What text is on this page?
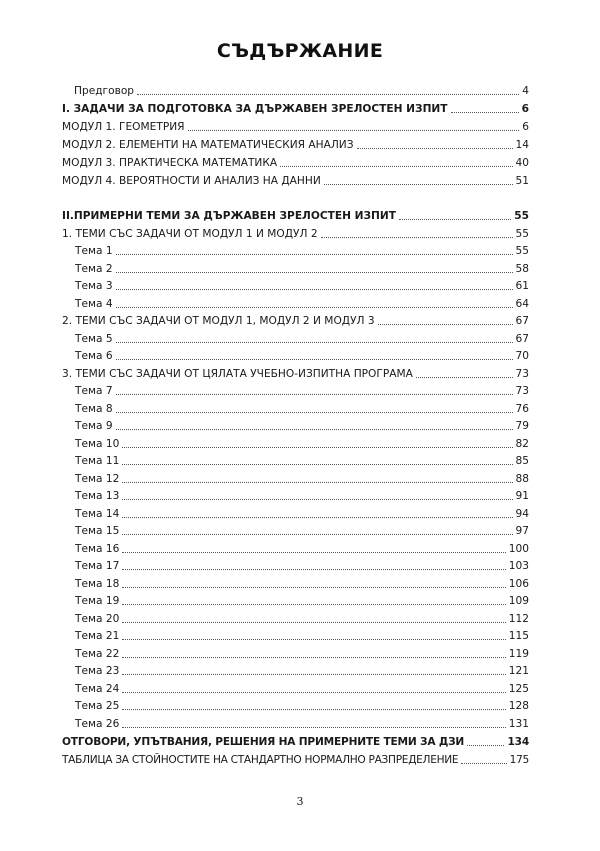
СЪДЪРЖАНИЕ
Предговор	4
I. ЗАДАЧИ ЗА ПОДГОТОВКА ЗА ДЪРЖАВЕН ЗРЕЛОСТЕН ИЗПИТ	6
МОДУЛ 1. ГЕОМЕТРИЯ	6
МОДУЛ 2. ЕЛЕМЕНТИ НА МАТЕМАТИЧЕСКИЯ АНАЛИЗ	14
МОДУЛ 3. ПРАКТИЧЕСКА МАТЕМАТИКА	40
МОДУЛ 4. ВЕРОЯТНОСТИ И АНАЛИЗ НА ДАННИ	51
II.ПРИМЕРНИ ТЕМИ ЗА ДЪРЖАВЕН ЗРЕЛОСТЕН ИЗПИТ	55
1. ТЕМИ СЪС ЗАДАЧИ ОТ МОДУЛ 1 И МОДУЛ 2	55
Тема 1	55
Тема 2	58
Тема 3	61
Тема 4	64
2. ТЕМИ СЪС ЗАДАЧИ ОТ МОДУЛ 1, МОДУЛ 2 И МОДУЛ 3	67
Тема 5	67
Тема 6	70
3. ТЕМИ СЪС ЗАДАЧИ ОТ ЦЯЛАТА УЧЕБНО-ИЗПИТНА ПРОГРАМА	73
Тема 7	73
Тема 8	76
Тема 9	79
Тема 10	82
Тема 11	85
Тема 12	88
Тема 13	91
Тема 14	94
Тема 15	97
Тема 16	100
Тема 17	103
Тема 18	106
Тема 19	109
Тема 20	112
Тема 21	115
Тема 22	119
Тема 23	121
Тема 24	125
Тема 25	128
Тема 26	131
ОТГОВОРИ, УПЪТВАНИЯ, РЕШЕНИЯ НА ПРИМЕРНИТЕ ТЕМИ ЗА ДЗИ	134
ТАБЛИЦА ЗА СТОЙНОСТИТЕ НА СТАНДАРТНО НОРМАЛНО РАЗПРЕДЕЛЕНИЕ	175
3
